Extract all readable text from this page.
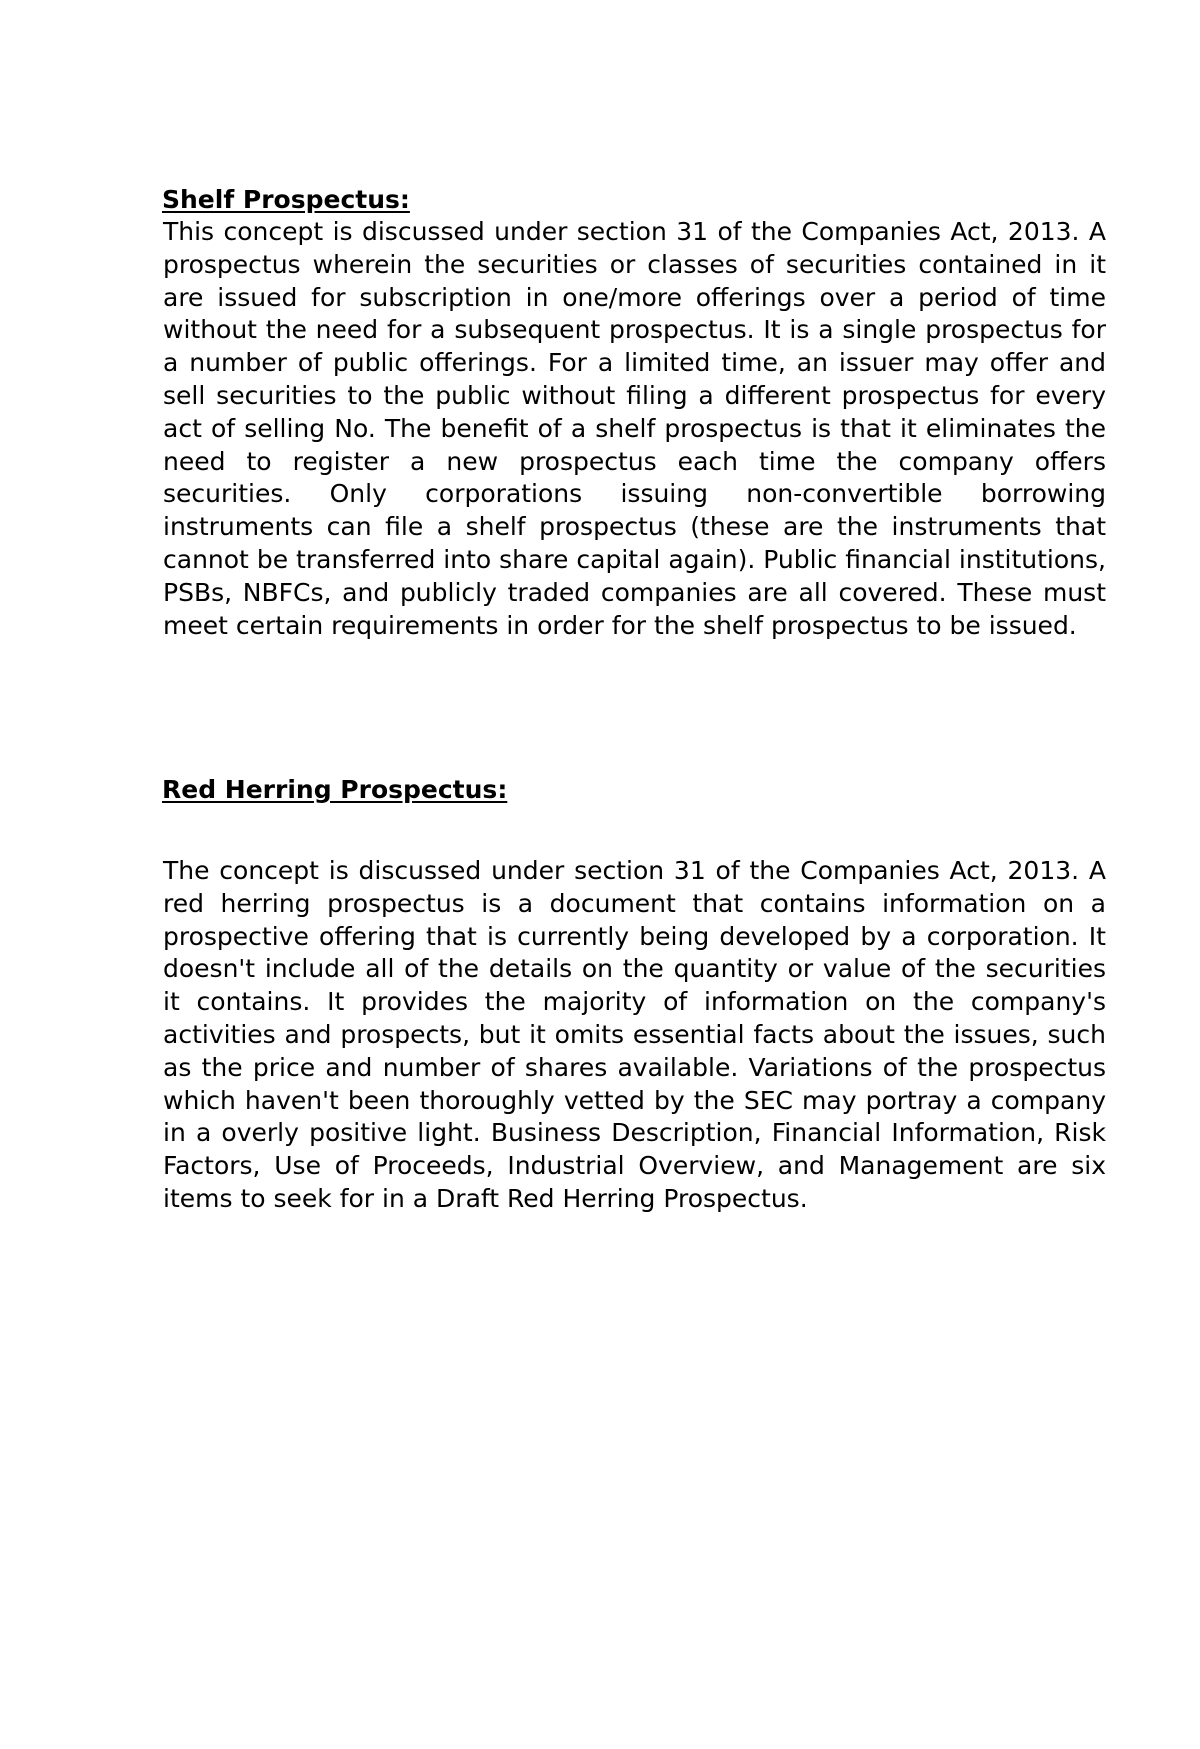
Shelf Prospectus:

This concept is discussed under section 31 of the Companies Act, 2013. A prospectus wherein the securities or classes of securities contained in it are issued for subscription in one/more offerings over a period of time without the need for a subsequent prospectus. It is a single prospectus for a number of public offerings. For a limited time, an issuer may offer and sell securities to the public without filing a different prospectus for every act of selling No. The benefit of a shelf prospectus is that it eliminates the need to register a new prospectus each time the company offers securities. Only corporations issuing non-convertible borrowing instruments can file a shelf prospectus (these are the instruments that cannot be transferred into share capital again). Public financial institutions, PSBs, NBFCs, and publicly traded companies are all covered. These must meet certain requirements in order for the shelf prospectus to be issued.

Red Herring Prospectus:

The concept is discussed under section 31 of the Companies Act, 2013. A red herring prospectus is a document that contains information on a prospective offering that is currently being developed by a corporation. It doesn't include all of the details on the quantity or value of the securities it contains. It provides the majority of information on the company's activities and prospects, but it omits essential facts about the issues, such as the price and number of shares available. Variations of the prospectus which haven't been thoroughly vetted by the SEC may portray a company in a overly positive light. Business Description, Financial Information, Risk Factors, Use of Proceeds, Industrial Overview, and Management are six items to seek for in a Draft Red Herring Prospectus.
